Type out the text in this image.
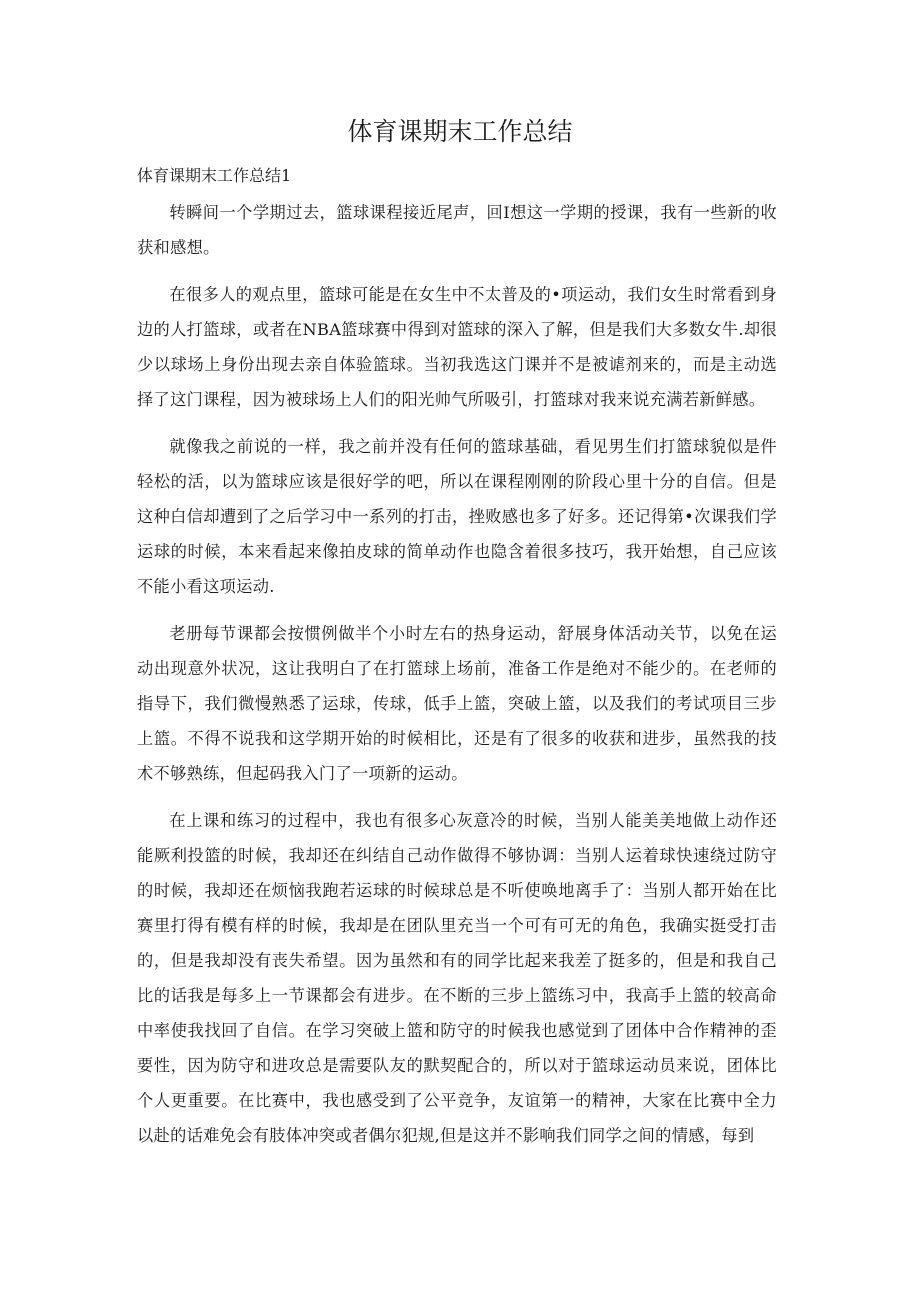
体育课期末工作总结

体育课期末工作总结1

转瞬间一个学期过去，篮球课程接近尾声，回I想这一学期的授课，我有一些新的收获和感想。

在很多人的观点里，篮球可能是在女生中不太普及的•项运动，我们女生时常看到身边的人打篮球，或者在NBA篮球赛中得到对篮球的深入了解，但是我们大多数女牛.却很少以球场上身份出现去亲自体验篮球。当初我选这门课并不是被谑剂来的，而是主动选择了这门课程，因为被球场上人们的阳光帅气所吸引，打篮球对我来说充满若新鲜感。

就像我之前说的一样，我之前并没有任何的篮球基础，看见男生们打篮球貌似是件轻松的活，以为篮球应该是很好学的吧，所以在课程刚刚的阶段心里十分的自信。但是这种白信却遭到了之后学习中一系列的打击，挫败感也多了好多。还记得第•次课我们学运球的时候，本来看起来像拍皮球的简单动作也隐含着很多技巧，我开始想，自己应该不能小看这项运动.

老册每节课都会按惯例做半个小时左右的热身运动，舒展身体活动关节，以免在运动出现意外状况，这让我明白了在打篮球上场前，准备工作是绝对不能少的。在老师的指导下，我们微慢熟悉了运球，传球，低手上篮，突破上篮，以及我们的考试项目三步上篮。不得不说我和这学期开始的时候相比，还是有了很多的收获和进步，虽然我的技术不够熟练，但起码我入门了一项新的运动。

在上课和练习的过程中，我也有很多心灰意冷的时候，当别人能美美地做上动作还能厥利投篮的时候，我却还在纠结自己动作做得不够协调：当别人运着球快速绕过防守的时候，我却还在烦恼我跑若运球的时候球总是不听使唤地离手了：当别人都开始在比赛里打得有模有样的时候，我却是在团队里充当一个可有可无的角色，我确实挺受打击的，但是我却没有丧失希望。因为虽然和有的同学比起来我差了挺多的，但是和我自己比的话我是每多上一节课都会有进步。在不断的三步上篮练习中，我高手上篮的较高命中率使我找回了自信。在学习突破上篮和防守的时候我也感觉到了团体中合作精神的歪要性，因为防守和进攻总是需要队友的默契配合的，所以对于篮球运动员来说，团体比个人更重要。在比赛中，我也感受到了公平竞争，友谊第一的精神，大家在比赛中全力以赴的话难免会有肢体冲突或者偶尔犯规,但是这并不影响我们同学之间的情感，每到
